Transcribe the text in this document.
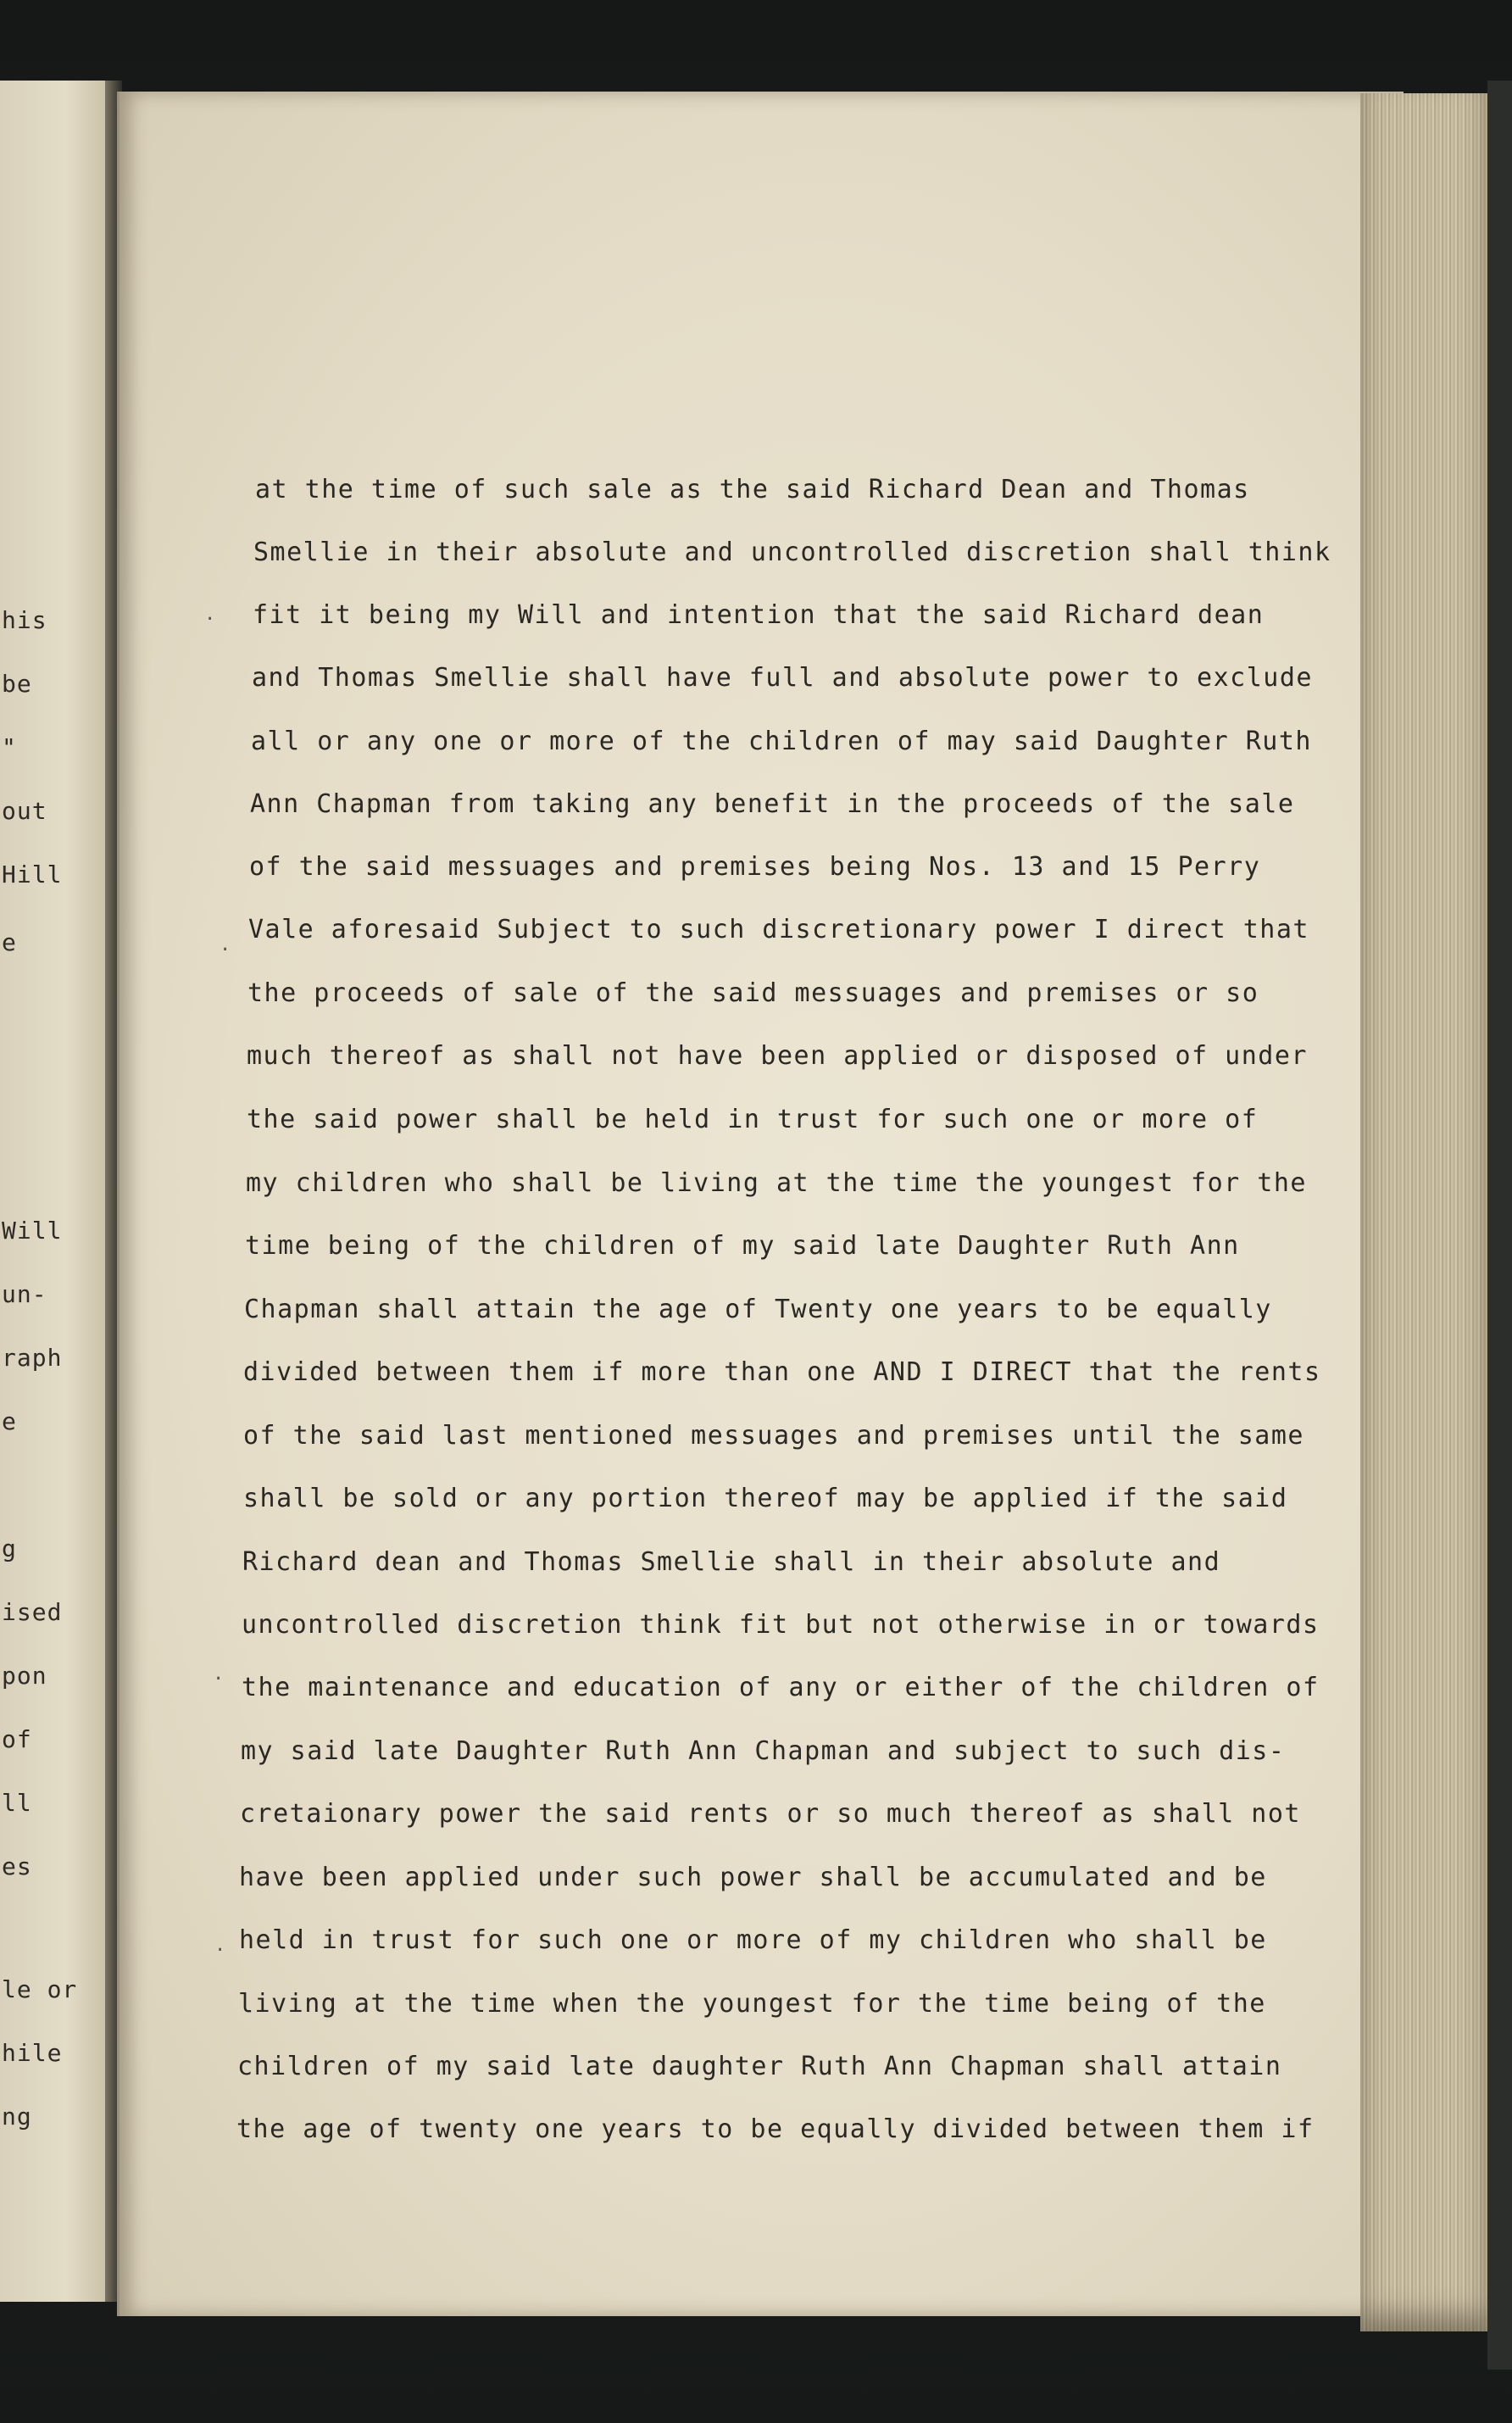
his
be
"
out
Hill
e
Will
un-
raph
e
g
ised
pon
of
ll
es
le or
hile
ng
at the time of such sale as the said Richard Dean and Thomas
Smellie in their absolute and uncontrolled discretion shall think
fit it being my Will and intention that the said Richard dean
and Thomas Smellie shall have full and absolute power to exclude
all or any one or more of the children of may said Daughter Ruth
Ann Chapman from taking any benefit in the proceeds of the sale
of the said messuages and premises being Nos. 13 and 15 Perry
Vale aforesaid Subject to such discretionary power I direct that
the proceeds of sale of the said messuages and premises or so
much thereof as shall not have been applied or disposed of under
the said power shall be held in trust for such one or more of
my children who shall be living at the time the youngest for the
time being of the children of my said late Daughter Ruth Ann
Chapman shall attain the age of Twenty one years to be equally
divided between them if more than one AND I DIRECT that the rents
of the said last mentioned messuages and premises until the same
shall be sold or any portion thereof may be applied if the said
Richard dean and Thomas Smellie shall in their absolute and
uncontrolled discretion think fit but not otherwise in or towards
the maintenance and education of any or either of the children of
my said late Daughter Ruth Ann Chapman and subject to such dis-
cretaionary power the said rents or so much thereof as shall not
have been applied under such power shall be accumulated and be
held in trust for such one or more of my children who shall be
living at the time when the youngest for the time being of the
children of my said late daughter Ruth Ann Chapman shall attain
the age of twenty one years to be equally divided between them if
·
·
·
·
